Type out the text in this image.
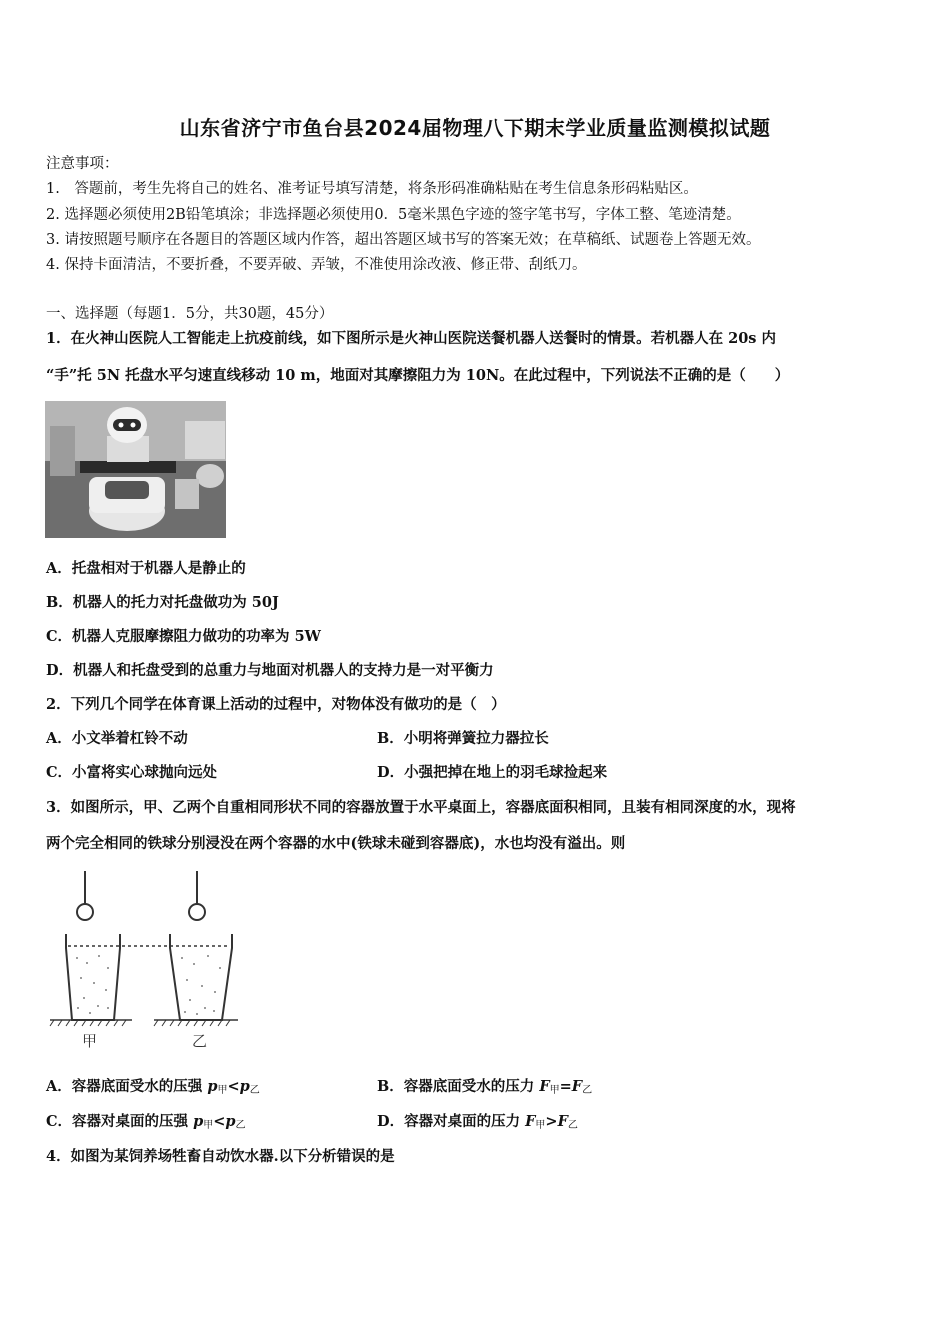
山东省济宁市鱼台县2024届物理八下期末学业质量监测模拟试题
注意事项：
1.　答题前，考生先将自己的姓名、准考证号填写清楚，将条形码准确粘贴在考生信息条形码粘贴区。
2. 选择题必须使用2B铅笔填涂；非选择题必须使用0．5毫米黑色字迹的签字笔书写，字体工整、笔迹清楚。
3. 请按照题号顺序在各题目的答题区域内作答，超出答题区域书写的答案无效；在草稿纸、试题卷上答题无效。
4. 保持卡面清洁，不要折叠，不要弄破、弄皱，不准使用涂改液、修正带、刮纸刀。
一、选择题（每题1．5分，共30题，45分）
1．在火神山医院人工智能走上抗疫前线，如下图所示是火神山医院送餐机器人送餐时的情景。若机器人在 20s 内
“手”托 5N 托盘水平匀速直线移动 10 m，地面对其摩擦阻力为 10N。在此过程中，下列说法不正确的是（　　）
A．托盘相对于机器人是静止的
B．机器人的托力对托盘做功为 50J
C．机器人克服摩擦阻力做功的功率为 5W
D．机器人和托盘受到的总重力与地面对机器人的支持力是一对平衡力
2．下列几个同学在体育课上活动的过程中，对物体没有做功的是（　）
A．小文举着杠铃不动	B．小明将弹簧拉力器拉长
C．小富将实心球抛向远处	D．小强把掉在地上的羽毛球捡起来
3．如图所示，甲、乙两个自重相同形状不同的容器放置于水平桌面上，容器底面积相同，且装有相同深度的水，现将
两个完全相同的铁球分别浸没在两个容器的水中(铁球未碰到容器底)，水也均没有溢出。则
甲	乙
A．容器底面受水的压强 $p_甲<p_乙$	B．容器底面受水的压力 $F_甲=F_乙$
C．容器对桌面的压强 $p_甲<p_乙$	D．容器对桌面的压力 $F_甲>F_乙$
4．如图为某饲养场牲畜自动饮水器.以下分析错误的是
